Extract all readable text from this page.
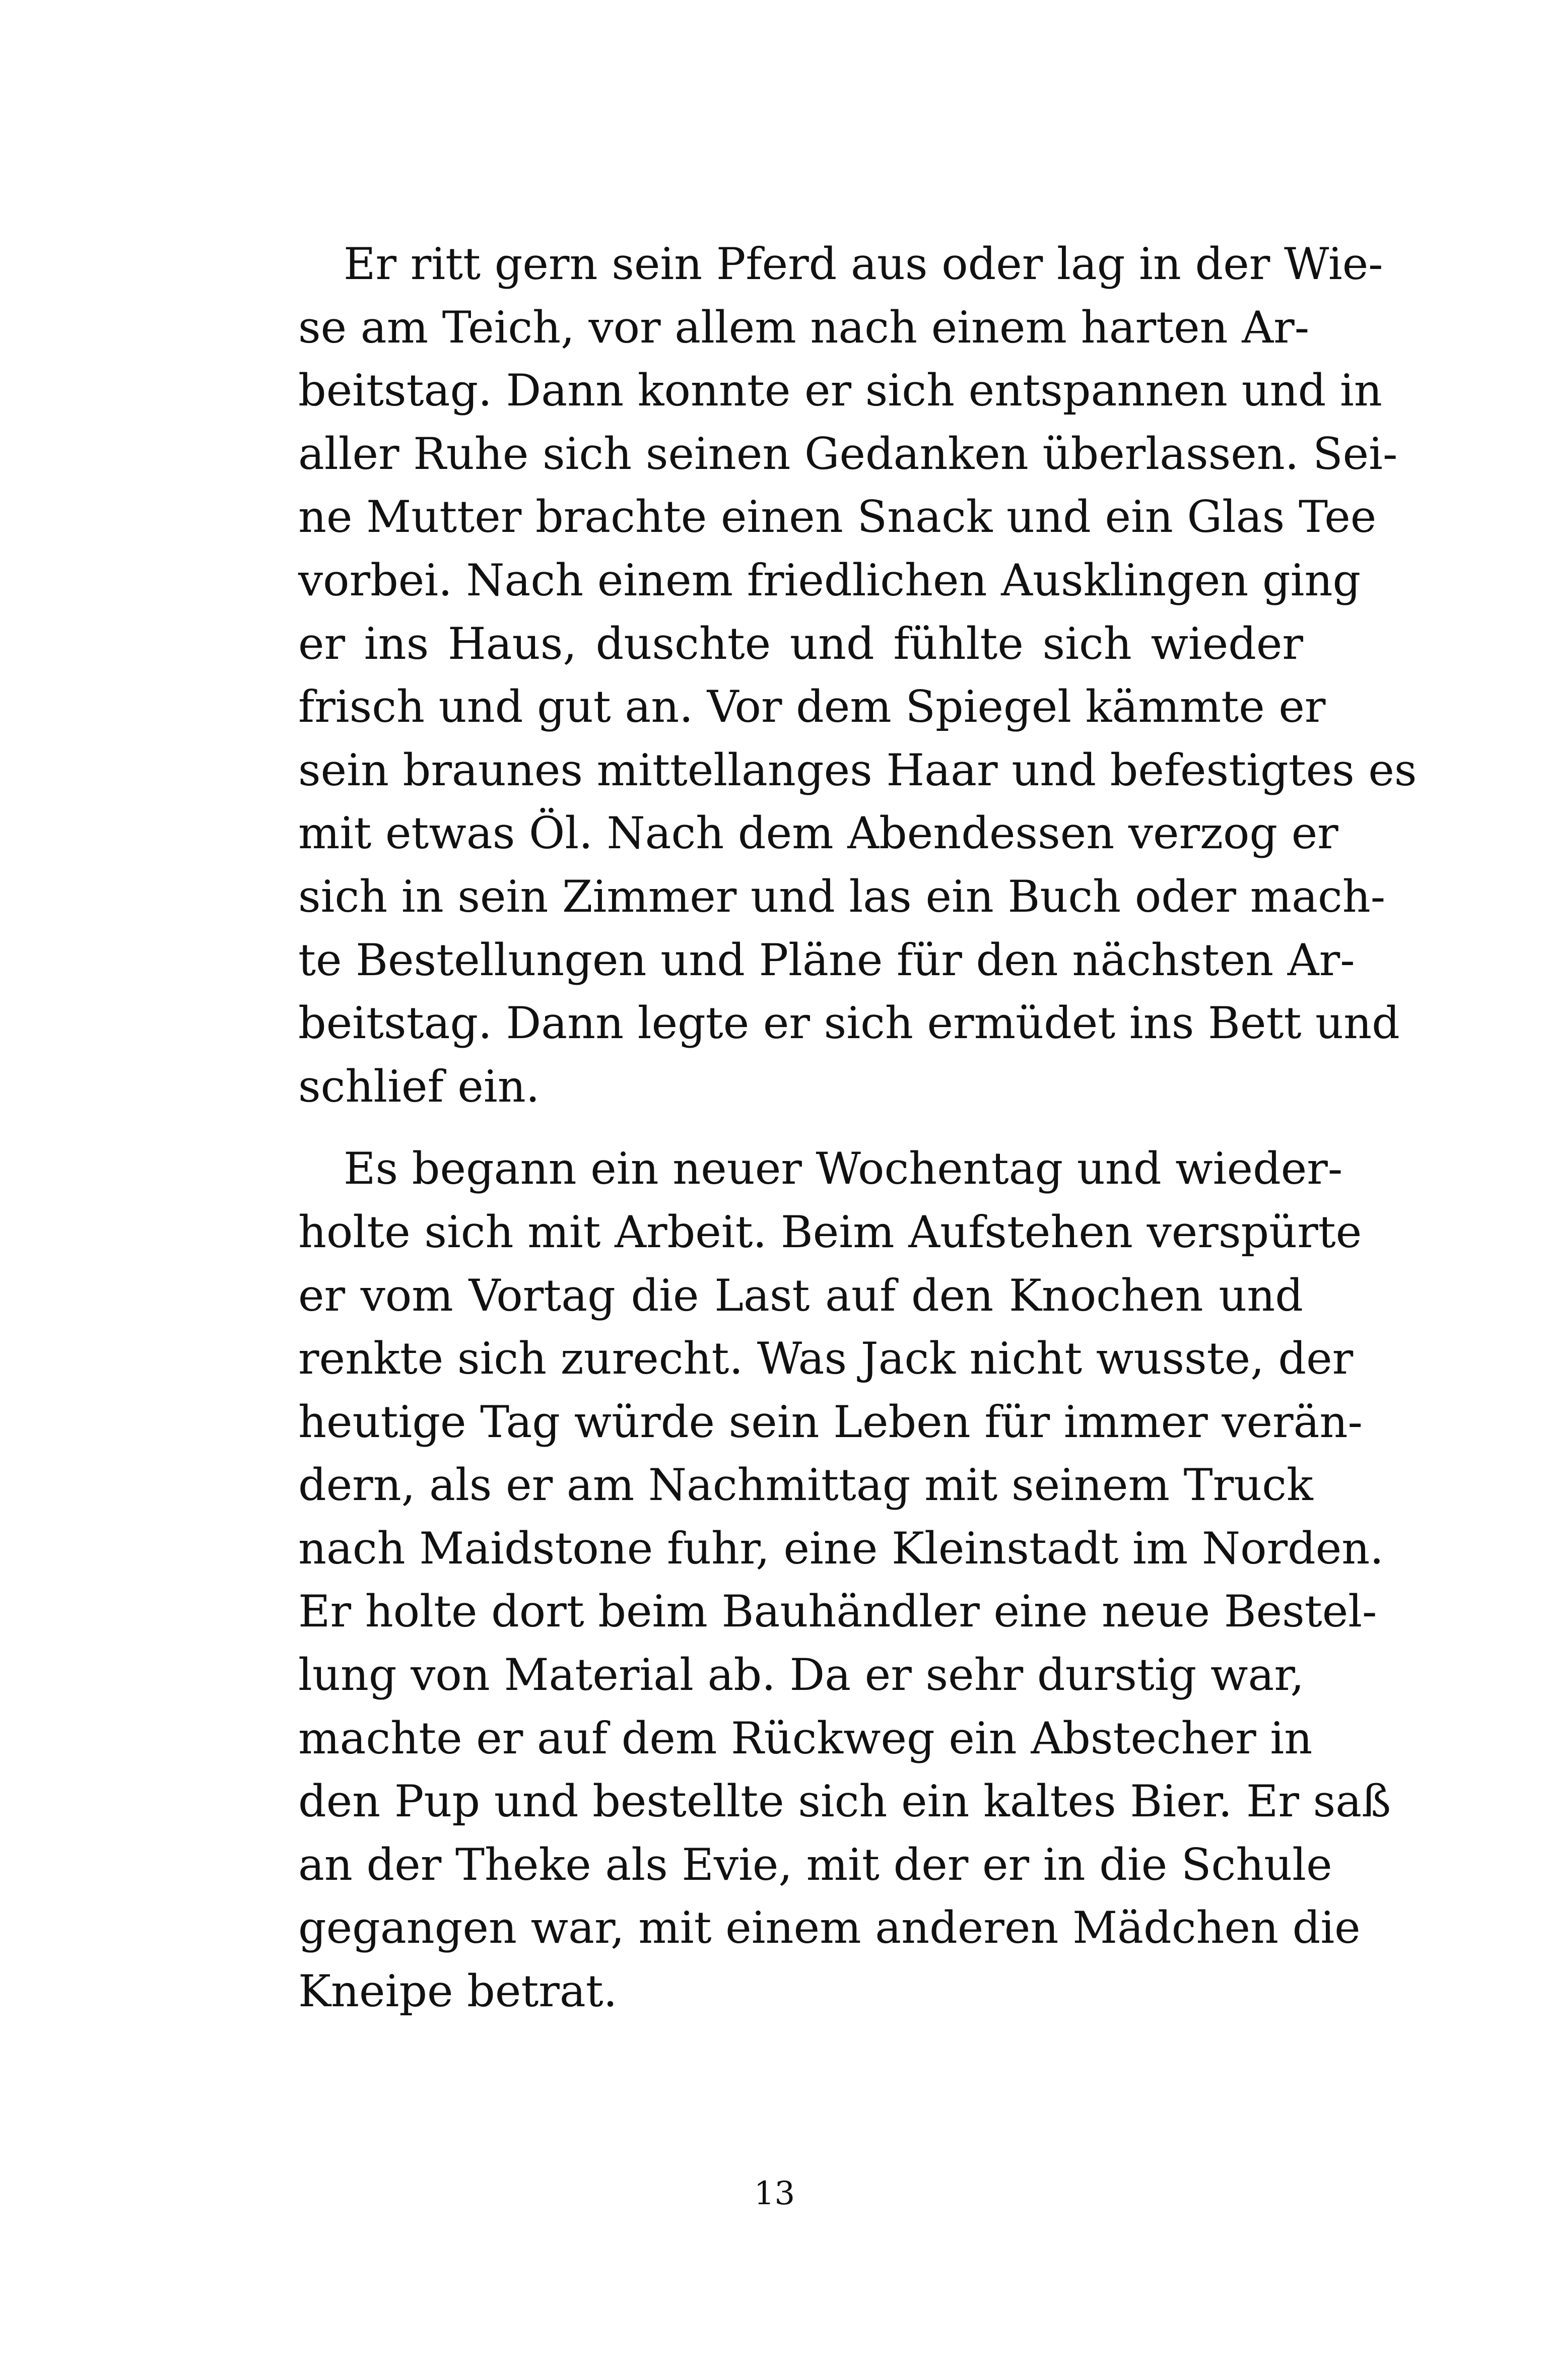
Er ritt gern sein Pferd aus oder lag in der Wie-
se am Teich, vor allem nach einem harten Ar-
beitstag. Dann konnte er sich entspannen und in
aller Ruhe sich seinen Gedanken überlassen. Sei-
ne Mutter brachte einen Snack und ein Glas Tee
vorbei. Nach einem friedlichen Ausklingen ging
er ins Haus, duschte und fühlte sich wieder
frisch und gut an. Vor dem Spiegel kämmte er
sein braunes mittellanges Haar und befestigtes es
mit etwas Öl. Nach dem Abendessen verzog er
sich in sein Zimmer und las ein Buch oder mach-
te Bestellungen und Pläne für den nächsten Ar-
beitstag. Dann legte er sich ermüdet ins Bett und
schlief ein.
Es begann ein neuer Wochentag und wieder-
holte sich mit Arbeit. Beim Aufstehen verspürte
er vom Vortag die Last auf den Knochen und
renkte sich zurecht. Was Jack nicht wusste, der
heutige Tag würde sein Leben für immer verän-
dern, als er am Nachmittag mit seinem Truck
nach Maidstone fuhr, eine Kleinstadt im Norden.
Er holte dort beim Bauhändler eine neue Bestel-
lung von Material ab. Da er sehr durstig war,
machte er auf dem Rückweg ein Abstecher in
den Pup und bestellte sich ein kaltes Bier. Er saß
an der Theke als Evie, mit der er in die Schule
gegangen war, mit einem anderen Mädchen die
Kneipe betrat.
13
